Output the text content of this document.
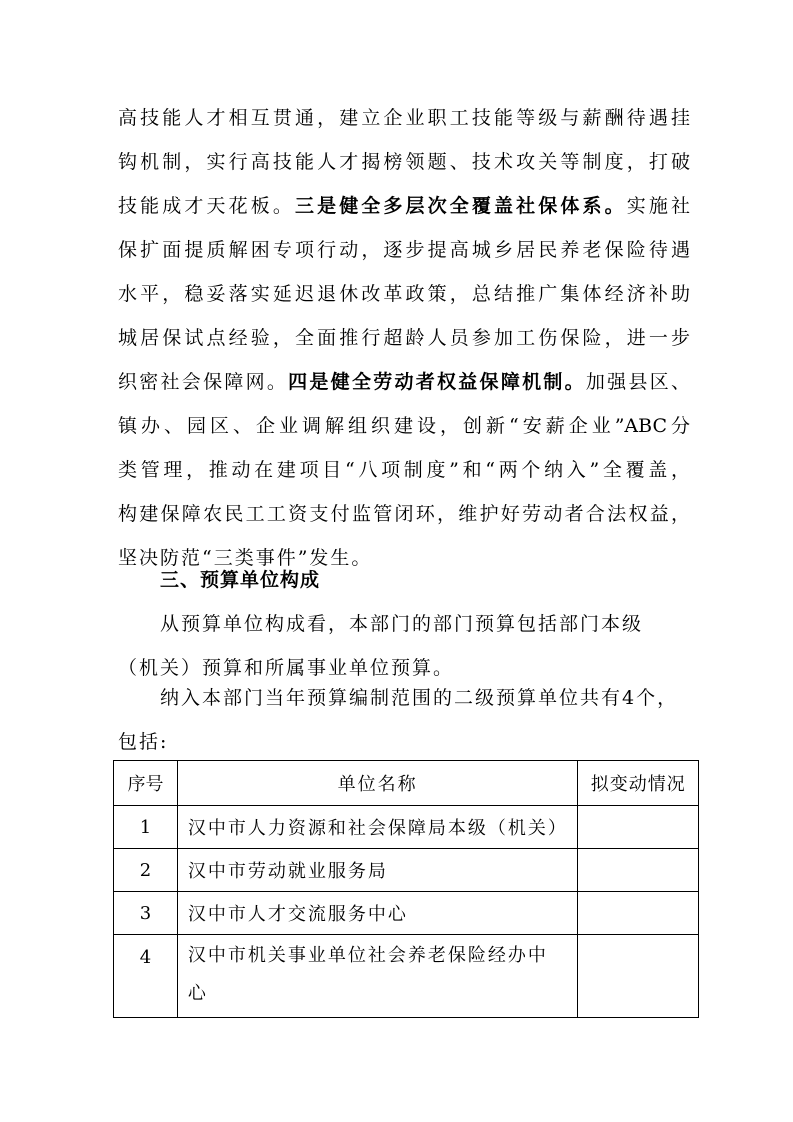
高技能人才相互贯通，建立企业职工技能等级与薪酬待遇挂
钩机制，实行高技能人才揭榜领题、技术攻关等制度，打破
技能成才天花板。三是健全多层次全覆盖社保体系。实施社
保扩面提质解困专项行动，逐步提高城乡居民养老保险待遇
水平，稳妥落实延迟退休改革政策，总结推广集体经济补助
城居保试点经验，全面推行超龄人员参加工伤保险，进一步
织密社会保障网。四是健全劳动者权益保障机制。加强县区、
镇办、园区、企业调解组织建设，创新“安薪企业”ABC分
类管理，推动在建项目“八项制度”和“两个纳入”全覆盖，
构建保障农民工工资支付监管闭环，维护好劳动者合法权益，
坚决防范“三类事件”发生。
三、预算单位构成
从预算单位构成看，本部门的部门预算包括部门本级
（机关）预算和所属事业单位预算。
纳入本部门当年预算编制范围的二级预算单位共有4个，
包括:
序号	单位名称	拟变动情况
1	汉中市人力资源和社会保障局本级（机关）	
2	汉中市劳动就业服务局	
3	汉中市人才交流服务中心	
4	汉中市机关事业单位社会养老保险经办中
心	
